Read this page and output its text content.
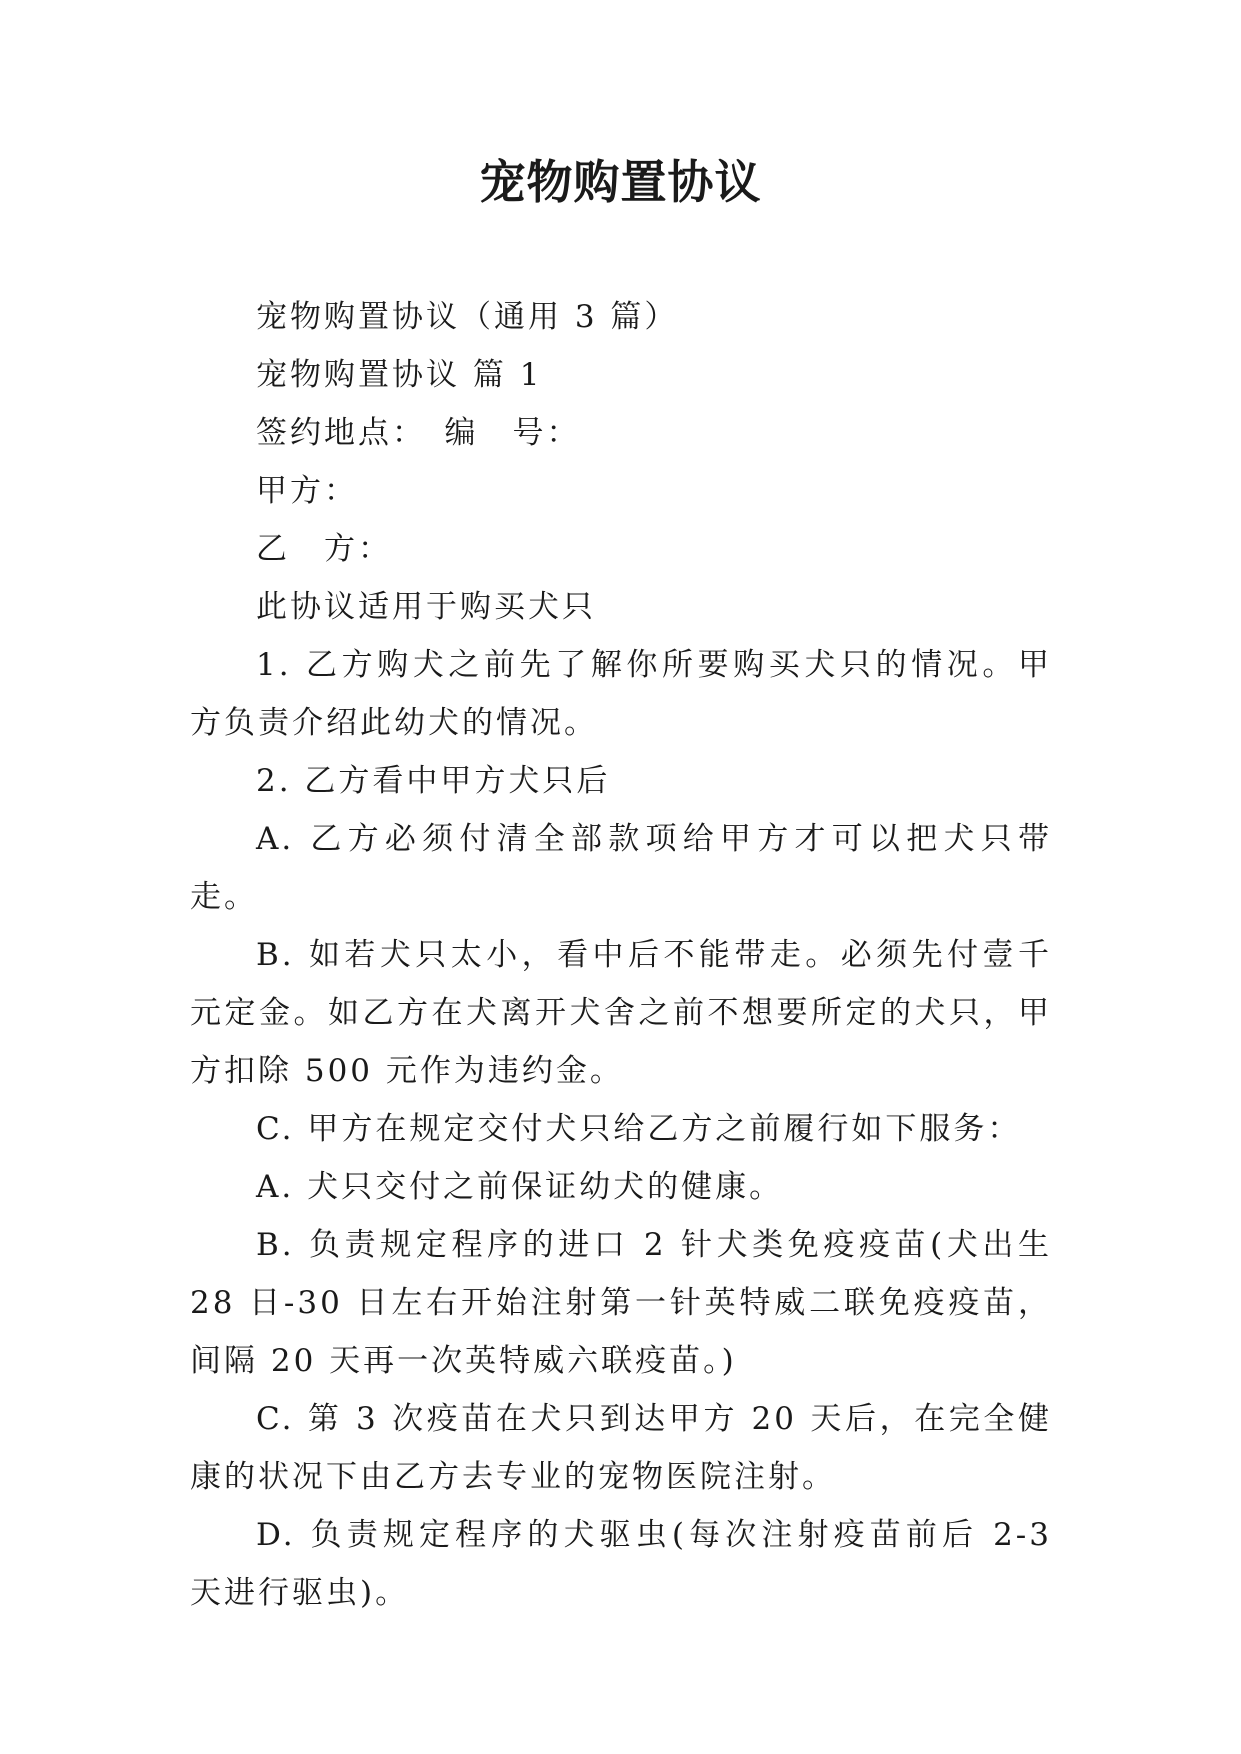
宠物购置协议

宠物购置协议（通用 3 篇）

宠物购置协议 篇 1

签约地点：　编　号：

甲方：

乙　方：

此协议适用于购买犬只

1. 乙方购犬之前先了解你所要购买犬只的情况。甲方负责介绍此幼犬的情况。

2. 乙方看中甲方犬只后

A. 乙方必须付清全部款项给甲方才可以把犬只带走。

B. 如若犬只太小，看中后不能带走。必须先付壹千元定金。如乙方在犬离开犬舍之前不想要所定的犬只，甲方扣除 500 元作为违约金。

C. 甲方在规定交付犬只给乙方之前履行如下服务：

A. 犬只交付之前保证幼犬的健康。

B. 负责规定程序的进口 2 针犬类免疫疫苗(犬出生 28 日-30 日左右开始注射第一针英特威二联免疫疫苗，间隔 20 天再一次英特威六联疫苗。)

C. 第 3 次疫苗在犬只到达甲方 20 天后，在完全健康的状况下由乙方去专业的宠物医院注射。

D. 负责规定程序的犬驱虫(每次注射疫苗前后 2-3 天进行驱虫)。
